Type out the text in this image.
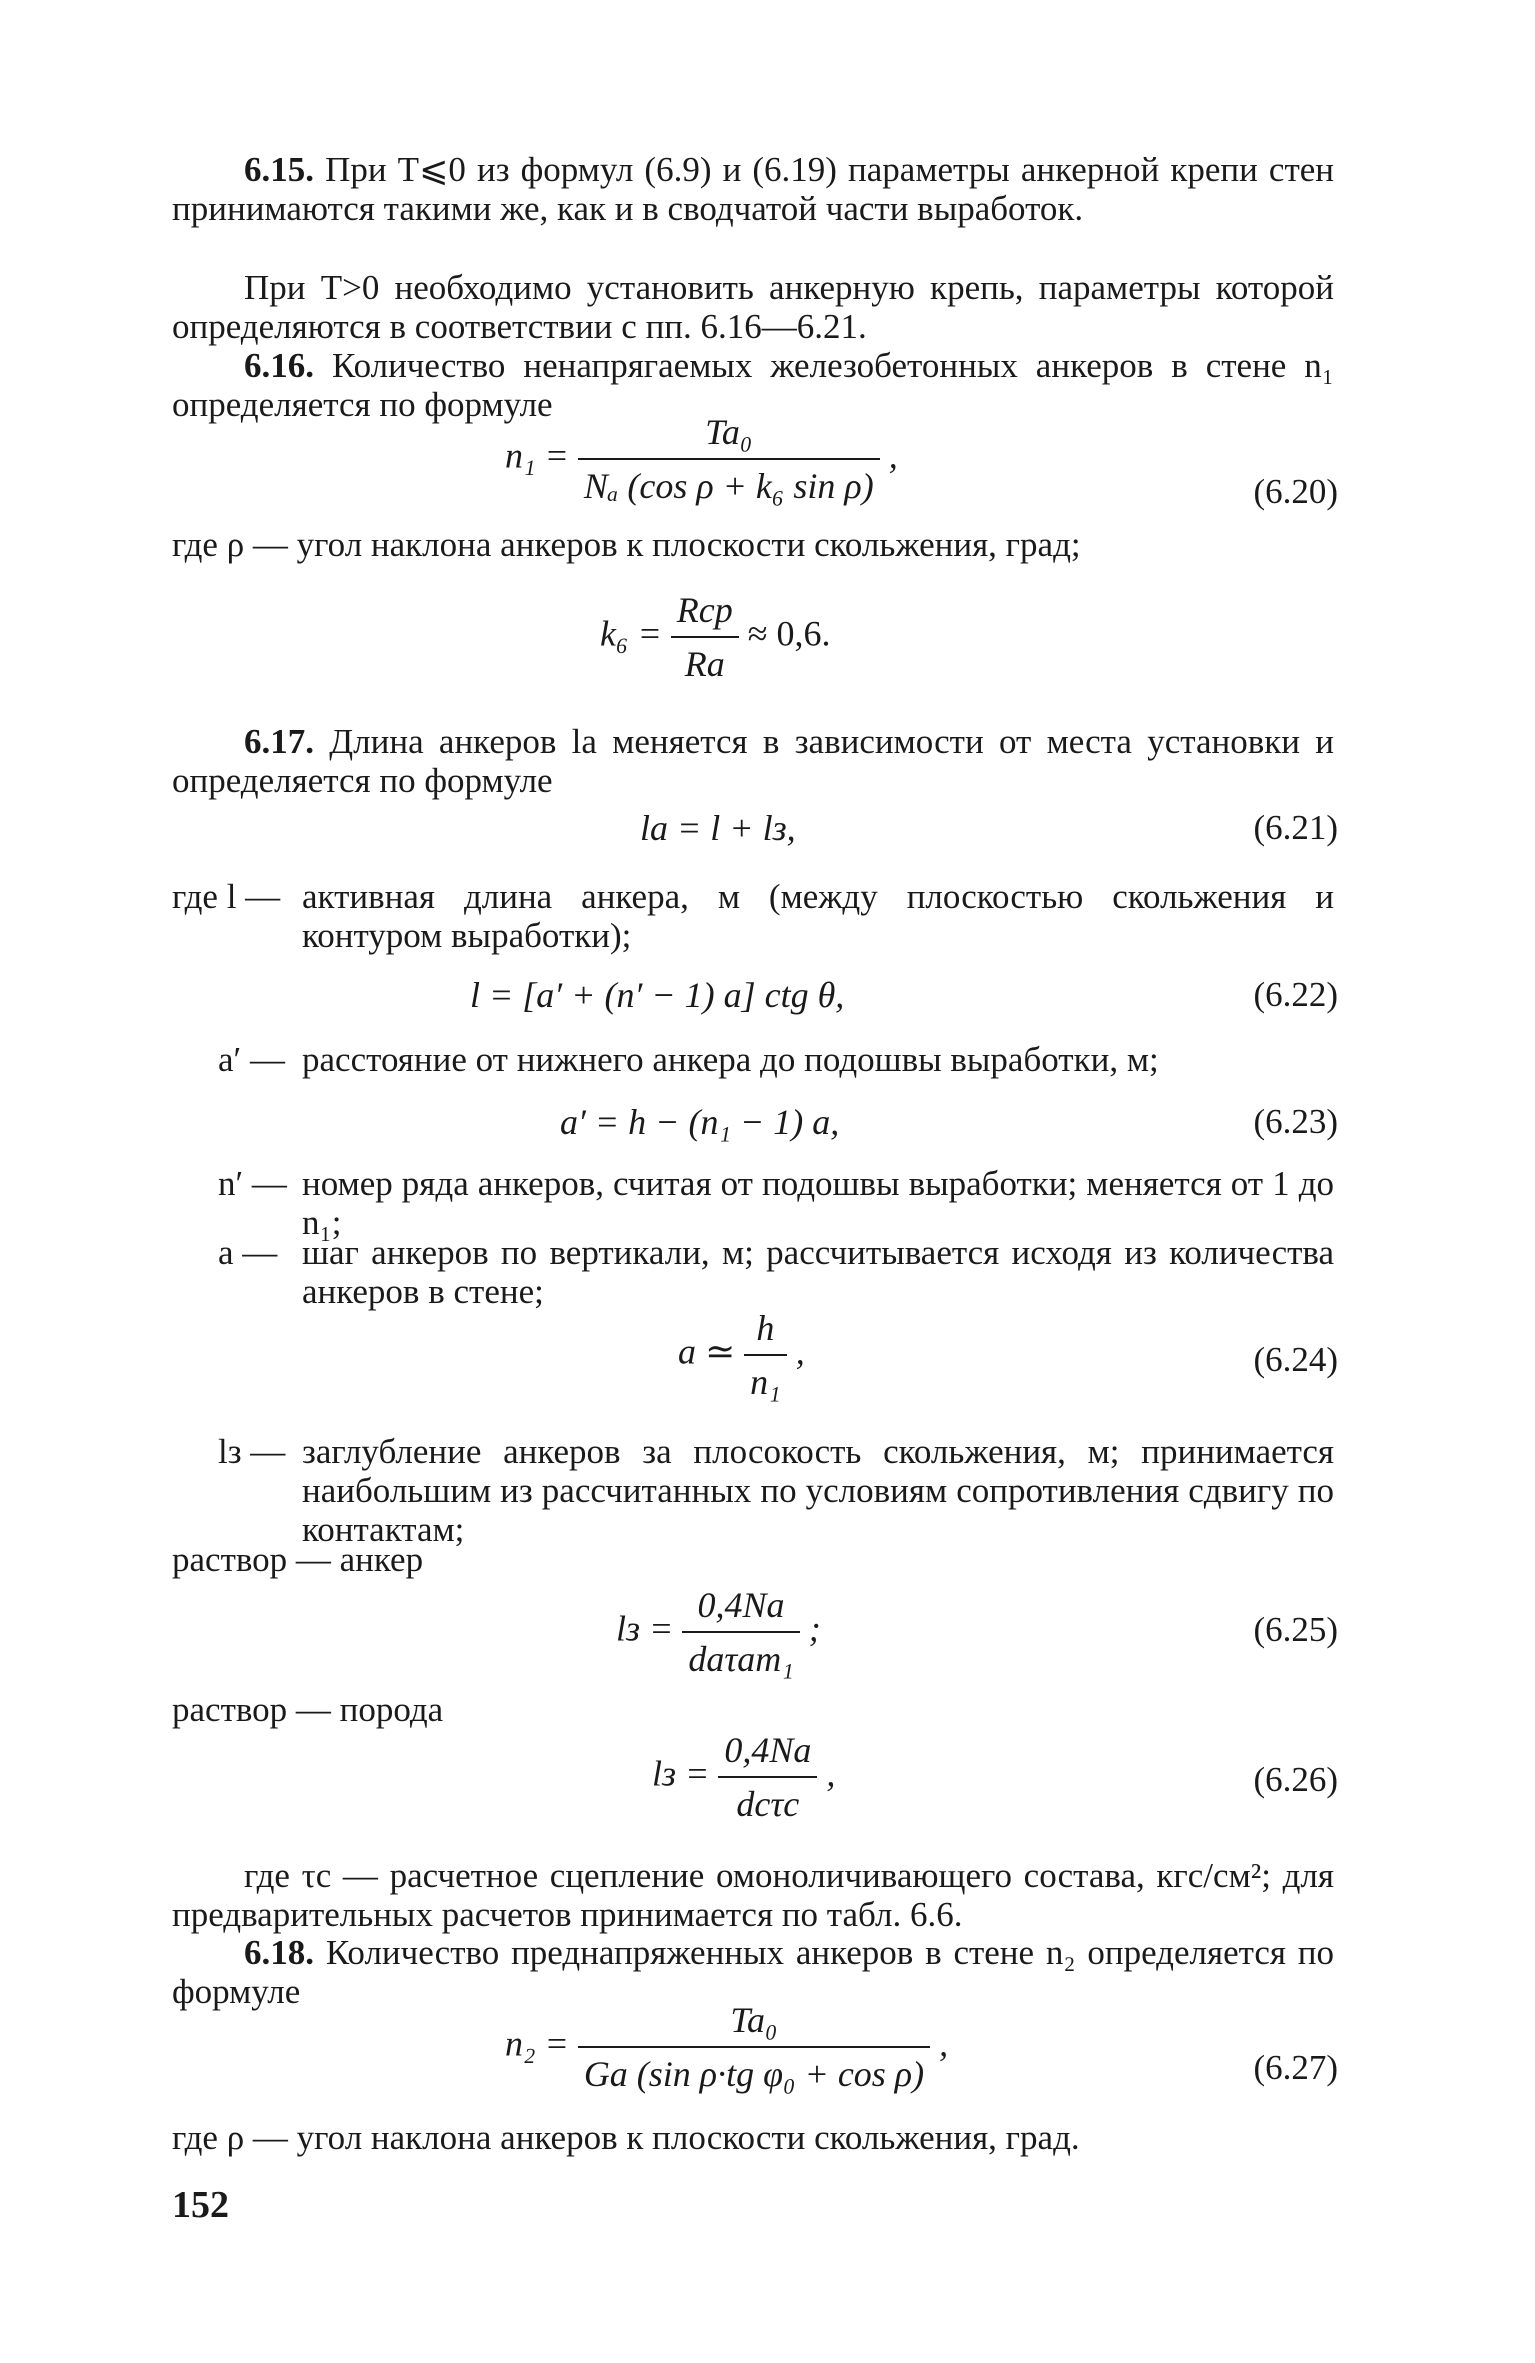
6.15. При T⩽0 из формул (6.9) и (6.19) параметры анкерной крепи стен принимаются такими же, как и в сводчатой части выработок.

При T>0 необходимо установить анкерную крепь, параметры которой определяются в соответствии с пп. 6.16—6.21.

6.16. Количество ненапрягаемых железобетонных анкеров в стене n₁ определяется по формуле

$n_1 = \frac{\text{Ta₀}}{\text{Nₐ (cos ρ + k₆ sin ρ)}}$ ,
(6.20)

где ρ — угол наклона анкеров к плоскости скольжения, град;

$k_6 = \frac{\text{Rср}}{Rа} \approx 0,6$.

6.17. Длина анкеров lа меняется в зависимости от места установки и определяется по формуле

lа = l + lз,	(6.21)
где l — активная длина анкера, м (между плоскостью скольжения и контуром выработки);
l = [a′ + (n′ − 1) a] ctg θ,	(6.22)
a′ — расстояние от нижнего анкера до подошвы выработки, м;
a′ = h − (n₁ − 1) a,	(6.23)
n′ — номер ряда анкеров, считая от подошвы выработки; меняется от 1 до n₁;
a — шаг анкеров по вертикали, м; рассчитывается исходя из количества анкеров в стене;
a ≃ $\frac{h}{\text{n₁}}$ ,	(6.24)
lз — заглубление анкеров за плосокость скольжения, м; принимается наибольшим из рассчитанных по условиям сопротивления сдвигу по контактам;

раствор — анкер

lз = $\frac{0,4Nа}{\text{dаτаm₁}}$ ;	(6.25)

раствор — порода

lз = $\frac{0,4Nа}{\text{dсτс}}$ ,	(6.26)

где τс — расчетное сцепление омоноличивающего состава, кгс/см²; для предварительных расчетов принимается по табл. 6.6.

6.18. Количество преднапряженных анкеров в стене n₂ определяется по формуле

$n_2 = \frac{\text{Ta₀}}{\text{Gа (sin ρ·tg φ₀ + cos ρ)}}$ ,
(6.27)

где ρ — угол наклона анкеров к плоскости скольжения, град.

152
